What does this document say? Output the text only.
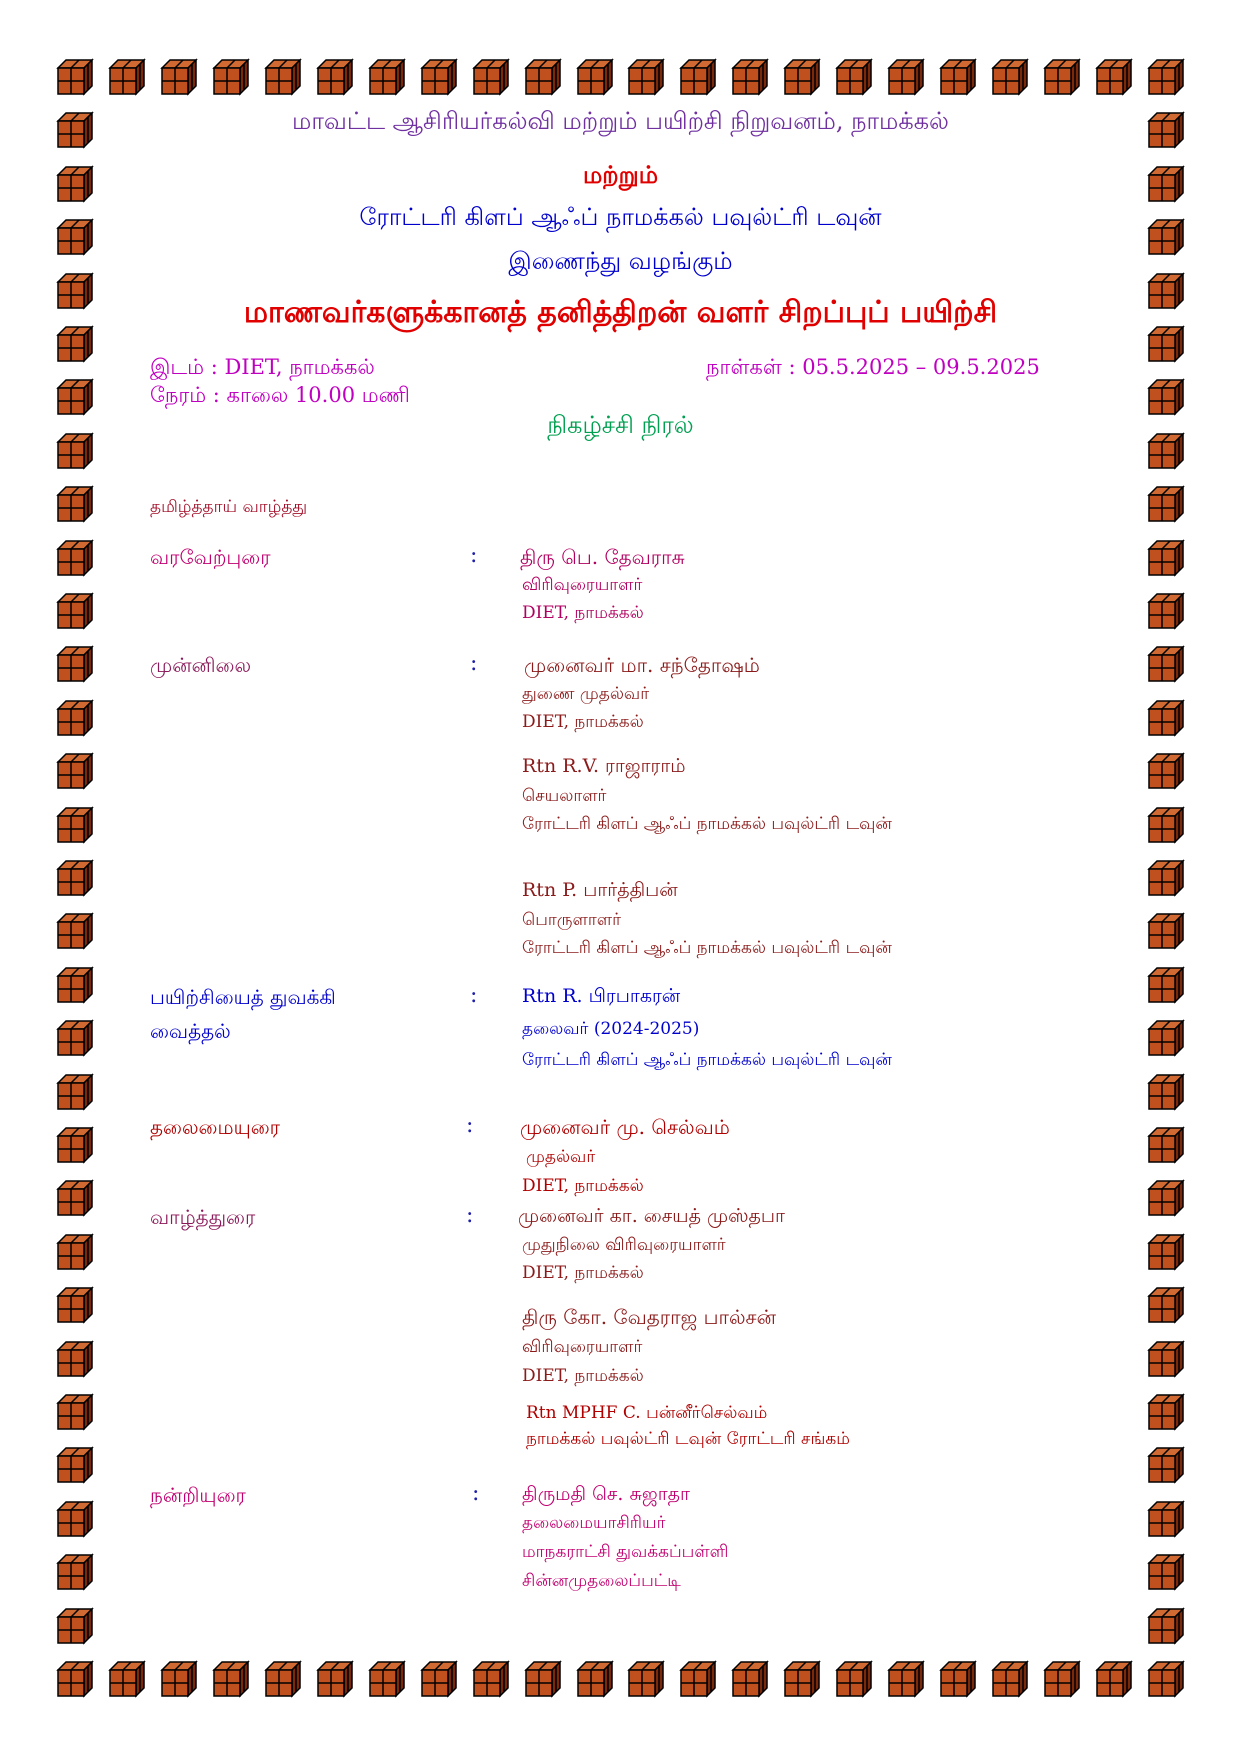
மாவட்ட ஆசிரியர்கல்வி மற்றும் பயிற்சி நிறுவனம், நாமக்கல்
மற்றும்
ரோட்டரி கிளப் ஆஃப் நாமக்கல் பவுல்ட்ரி டவுன்
இணைந்து வழங்கும்
மாணவர்களுக்கானத் தனித்திறன் வளர் சிறப்புப் பயிற்சி
இடம் : DIET, நாமக்கல்	நாள்கள் : 05.5.2025 – 09.5.2025
நேரம் : காலை 10.00 மணி
நிகழ்ச்சி நிரல்
தமிழ்த்தாய் வாழ்த்து
வரவேற்புரை	: திரு பெ. தேவராசு
விரிவுரையாளர்
DIET, நாமக்கல்
முன்னிலை	: முனைவர் மா. சந்தோஷம்
துணை முதல்வர்
DIET, நாமக்கல்
Rtn R.V. ராஜாராம்
செயலாளர்
ரோட்டரி கிளப் ஆஃப் நாமக்கல் பவுல்ட்ரி டவுன்
Rtn P. பார்த்திபன்
பொருளாளர்
ரோட்டரி கிளப் ஆஃப் நாமக்கல் பவுல்ட்ரி டவுன்
பயிற்சியைத் துவக்கி
வைத்தல்
: Rtn R. பிரபாகரன்
தலைவர் (2024-2025)
ரோட்டரி கிளப் ஆஃப் நாமக்கல் பவுல்ட்ரி டவுன்
தலைமையுரை	: முனைவர் மு. செல்வம்
முதல்வர்
DIET, நாமக்கல்
வாழ்த்துரை	: முனைவர் கா. சையத் முஸ்தபா
முதுநிலை விரிவுரையாளர்
DIET, நாமக்கல்
திரு கோ. வேதராஜ பால்சன்
விரிவுரையாளர்
DIET, நாமக்கல்
Rtn MPHF C. பன்னீர்செல்வம்
நாமக்கல் பவுல்ட்ரி டவுன் ரோட்டரி சங்கம்
நன்றியுரை	: திருமதி செ. சுஜாதா
தலைமையாசிரியர்
மாநகராட்சி துவக்கப்பள்ளி
சின்னமுதலைப்பட்டி
